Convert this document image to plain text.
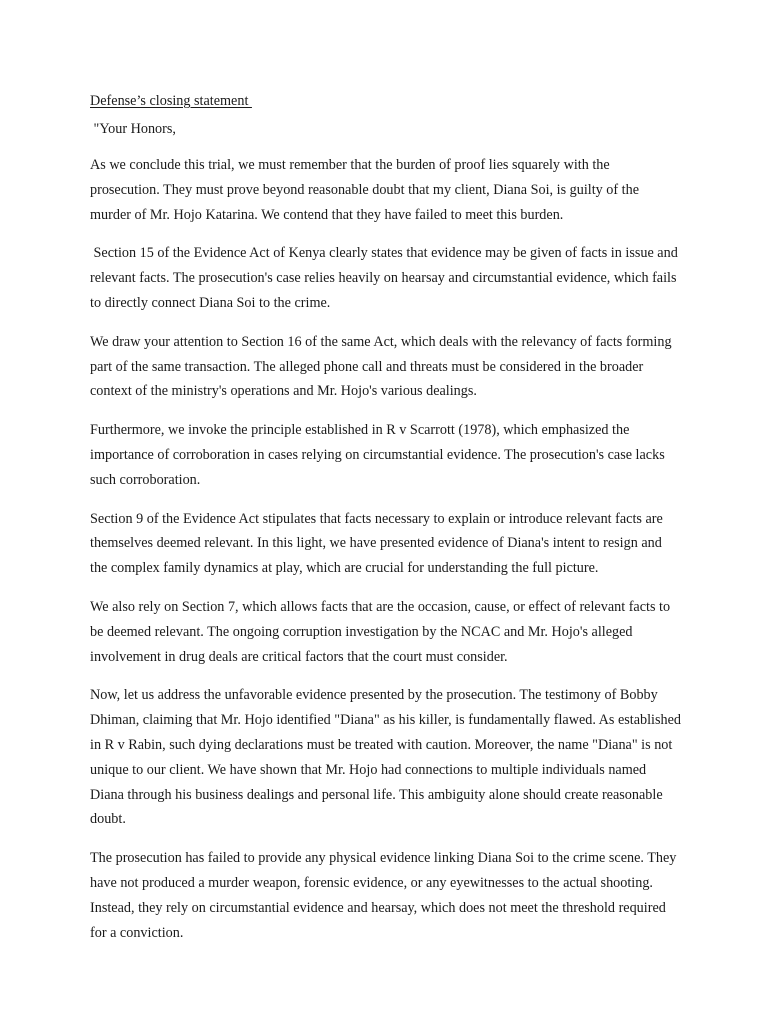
Defense’s closing statement

"Your Honors,

As we conclude this trial, we must remember that the burden of proof lies squarely with the prosecution. They must prove beyond reasonable doubt that my client, Diana Soi, is guilty of the murder of Mr. Hojo Katarina. We contend that they have failed to meet this burden.

Section 15 of the Evidence Act of Kenya clearly states that evidence may be given of facts in issue and relevant facts. The prosecution's case relies heavily on hearsay and circumstantial evidence, which fails to directly connect Diana Soi to the crime.

We draw your attention to Section 16 of the same Act, which deals with the relevancy of facts forming part of the same transaction. The alleged phone call and threats must be considered in the broader context of the ministry's operations and Mr. Hojo's various dealings.

Furthermore, we invoke the principle established in R v Scarrott (1978), which emphasized the importance of corroboration in cases relying on circumstantial evidence. The prosecution's case lacks such corroboration.

Section 9 of the Evidence Act stipulates that facts necessary to explain or introduce relevant facts are themselves deemed relevant. In this light, we have presented evidence of Diana's intent to resign and the complex family dynamics at play, which are crucial for understanding the full picture.

We also rely on Section 7, which allows facts that are the occasion, cause, or effect of relevant facts to be deemed relevant. The ongoing corruption investigation by the NCAC and Mr. Hojo's alleged involvement in drug deals are critical factors that the court must consider.

Now, let us address the unfavorable evidence presented by the prosecution. The testimony of Bobby Dhiman, claiming that Mr. Hojo identified "Diana" as his killer, is fundamentally flawed. As established in R v Rabin, such dying declarations must be treated with caution. Moreover, the name "Diana" is not unique to our client. We have shown that Mr. Hojo had connections to multiple individuals named Diana through his business dealings and personal life. This ambiguity alone should create reasonable doubt.

The prosecution has failed to provide any physical evidence linking Diana Soi to the crime scene. They have not produced a murder weapon, forensic evidence, or any eyewitnesses to the actual shooting. Instead, they rely on circumstantial evidence and hearsay, which does not meet the threshold required for a conviction.
